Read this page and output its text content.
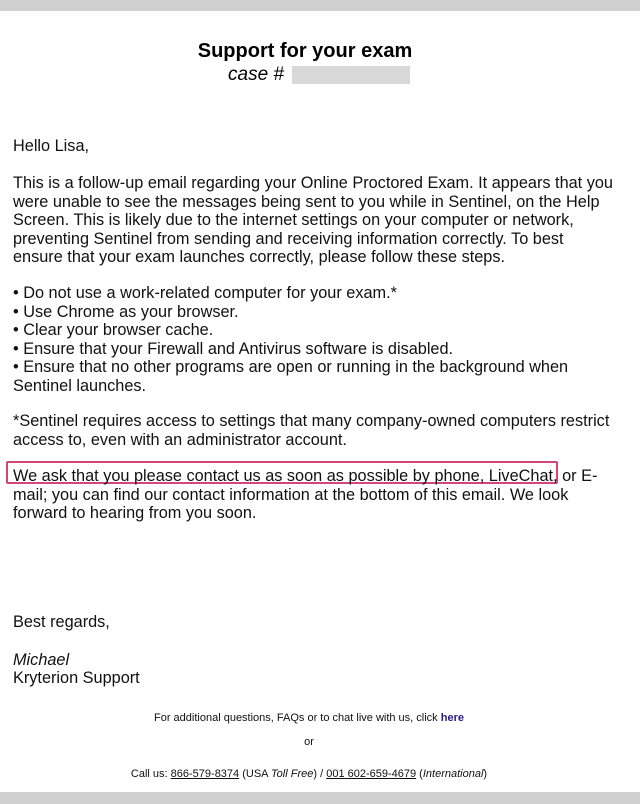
Support for your exam
case #
Hello Lisa,
This is a follow-up email regarding your Online Proctored Exam. It appears that you were unable to see the messages being sent to you while in Sentinel, on the Help Screen. This is likely due to the internet settings on your computer or network, preventing Sentinel from sending and receiving information correctly. To best ensure that your exam launches correctly, please follow these steps.
• Do not use a work-related computer for your exam.*
• Use Chrome as your browser.
• Clear your browser cache.
• Ensure that your Firewall and Antivirus software is disabled.
• Ensure that no other programs are open or running in the background when
Sentinel launches.
*Sentinel requires access to settings that many company-owned computers restrict access to, even with an administrator account.
We ask that you please contact us as soon as possible by phone, LiveChat, or E-mail; you can find our contact information at the bottom of this email. We look forward to hearing from you soon.
Best regards,
Michael
Kryterion Support
For additional questions, FAQs or to chat live with us, click here
or
Call us: 866-579-8374 (USA Toll Free) / 001 602-659-4679 (International)
